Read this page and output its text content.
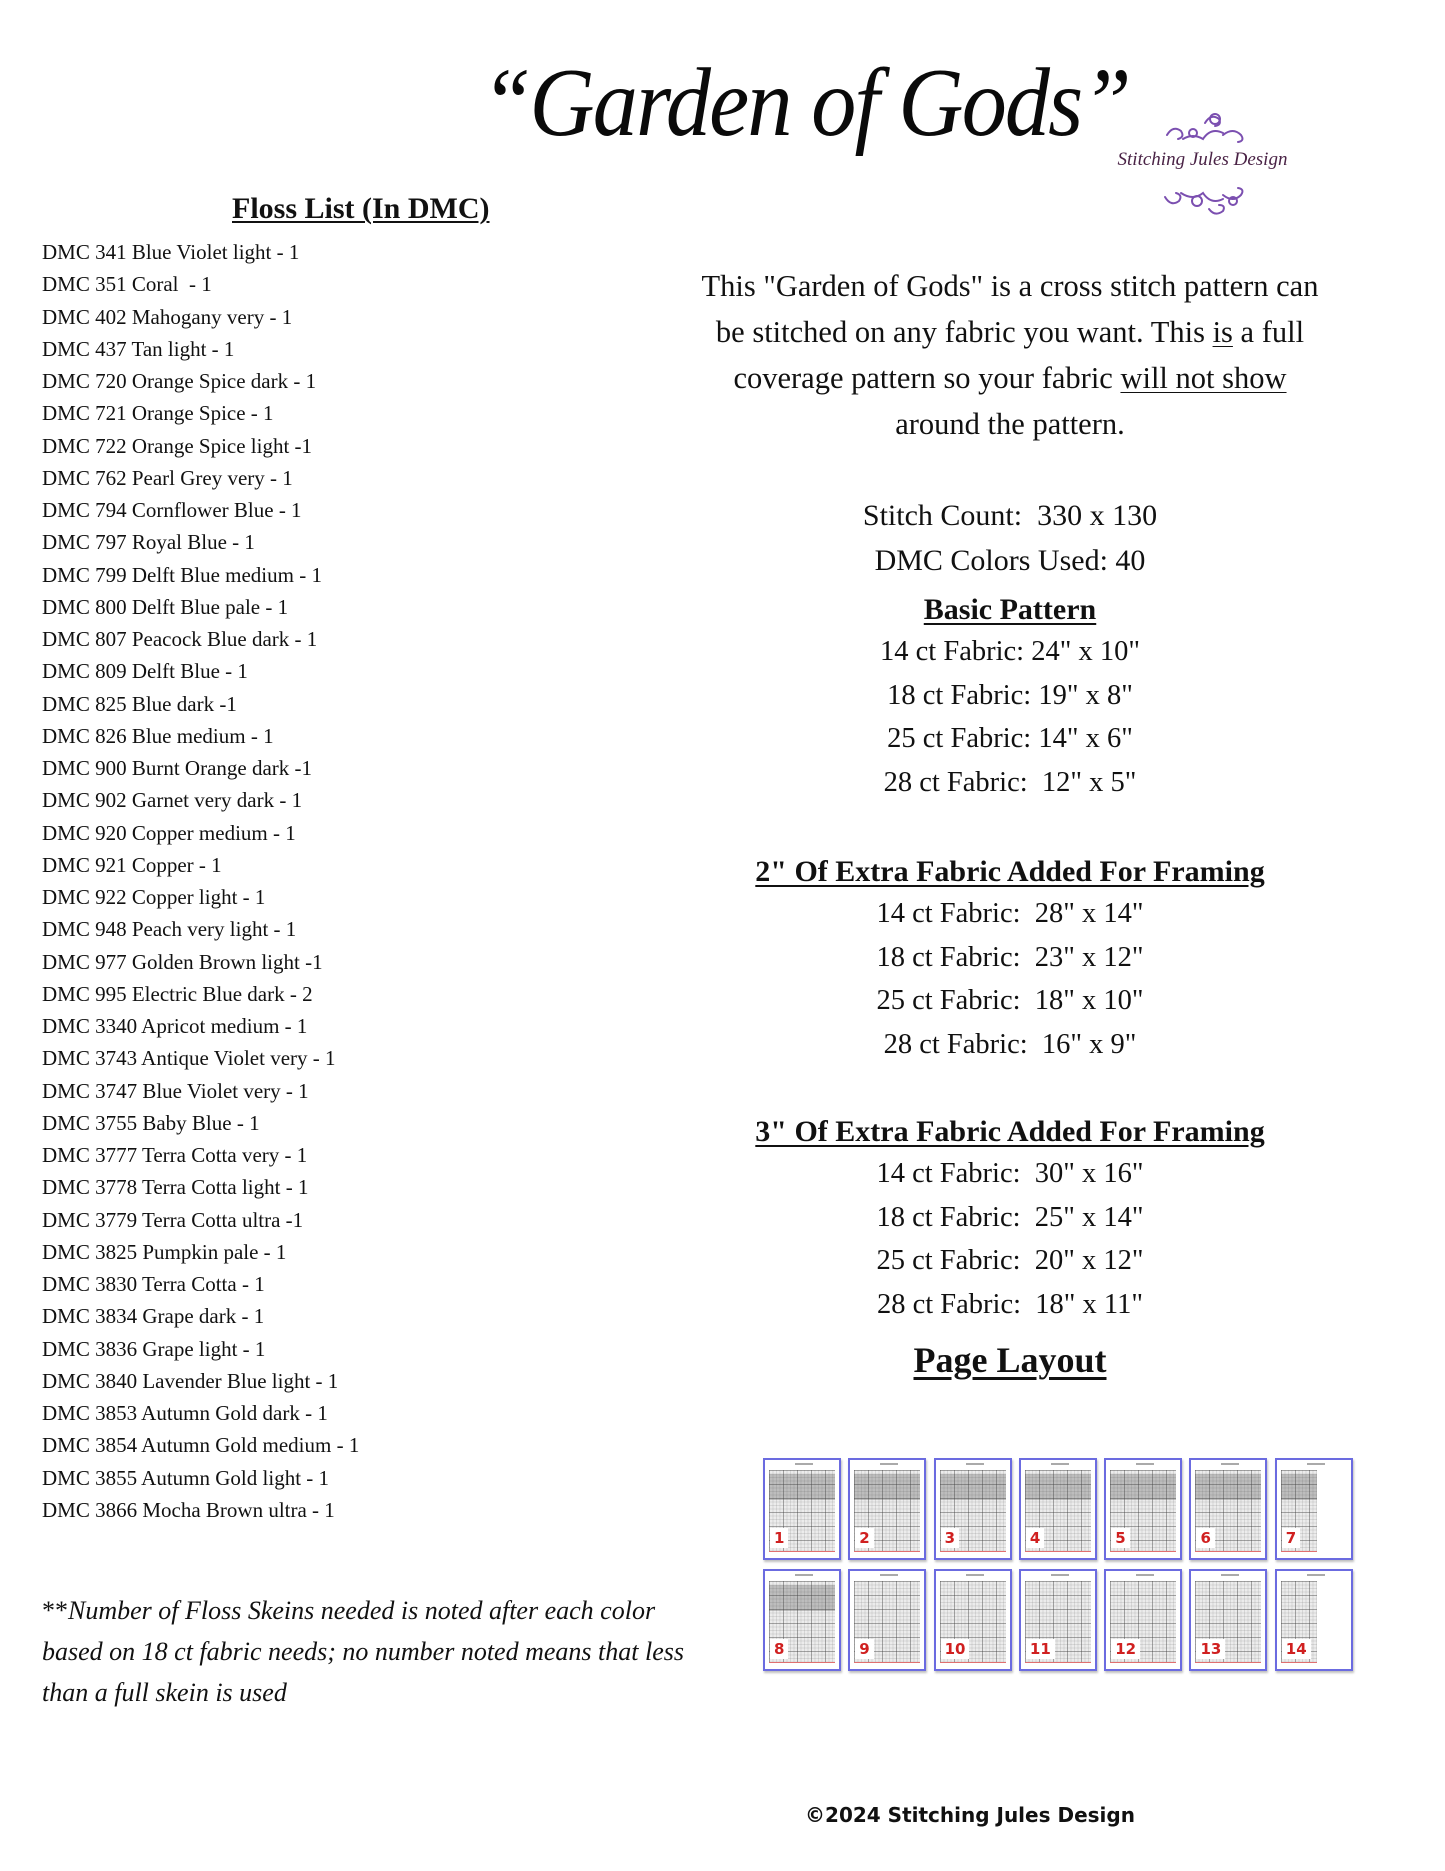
“Garden of Gods”
Stitching Jules Design
Floss List (In DMC)
DMC 341 Blue Violet light - 1
DMC 351 Coral  - 1
DMC 402 Mahogany very - 1
DMC 437 Tan light - 1
DMC 720 Orange Spice dark - 1
DMC 721 Orange Spice - 1
DMC 722 Orange Spice light -1
DMC 762 Pearl Grey very - 1
DMC 794 Cornflower Blue - 1
DMC 797 Royal Blue - 1
DMC 799 Delft Blue medium - 1
DMC 800 Delft Blue pale - 1
DMC 807 Peacock Blue dark - 1
DMC 809 Delft Blue - 1
DMC 825 Blue dark -1
DMC 826 Blue medium - 1
DMC 900 Burnt Orange dark -1
DMC 902 Garnet very dark - 1
DMC 920 Copper medium - 1
DMC 921 Copper - 1
DMC 922 Copper light - 1
DMC 948 Peach very light - 1
DMC 977 Golden Brown light -1
DMC 995 Electric Blue dark - 2
DMC 3340 Apricot medium - 1
DMC 3743 Antique Violet very - 1
DMC 3747 Blue Violet very - 1
DMC 3755 Baby Blue - 1
DMC 3777 Terra Cotta very - 1
DMC 3778 Terra Cotta light - 1
DMC 3779 Terra Cotta ultra -1
DMC 3825 Pumpkin pale - 1
DMC 3830 Terra Cotta - 1
DMC 3834 Grape dark - 1
DMC 3836 Grape light - 1
DMC 3840 Lavender Blue light - 1
DMC 3853 Autumn Gold dark - 1
DMC 3854 Autumn Gold medium - 1
DMC 3855 Autumn Gold light - 1
DMC 3866 Mocha Brown ultra - 1
**Number of Floss Skeins needed is noted after each color based on 18 ct fabric needs; no number noted means that less than a full skein is used
This "Garden of Gods" is a cross stitch pattern can be stitched on any fabric you want. This is a full coverage pattern so your fabric will not show around the pattern.
Stitch Count:  330 x 130
DMC Colors Used: 40
Basic Pattern
14 ct Fabric: 24" x 10"
18 ct Fabric: 19" x 8"
25 ct Fabric: 14" x 6"
28 ct Fabric:  12" x 5"
2" Of Extra Fabric Added For Framing
14 ct Fabric:  28" x 14"
18 ct Fabric:  23" x 12"
25 ct Fabric:  18" x 10"
28 ct Fabric:  16" x 9"
3" Of Extra Fabric Added For Framing
14 ct Fabric:  30" x 16"
18 ct Fabric:  25" x 14"
25 ct Fabric:  20" x 12"
28 ct Fabric:  18" x 11"
Page Layout
1	2	3	4	5	6	7
8	9	10	11	12	13	14
©2024 Stitching Jules Design
